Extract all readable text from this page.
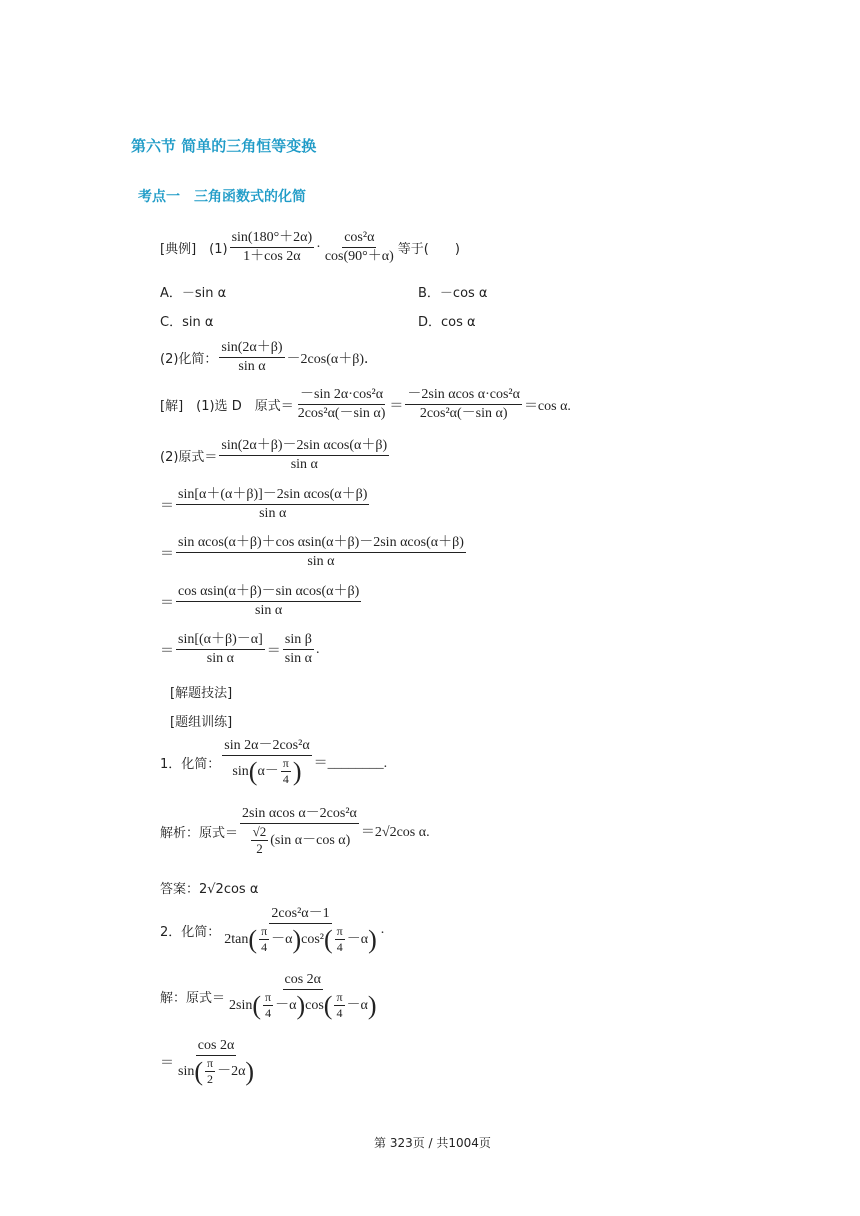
第六节 简单的三角恒等变换
考点一　三角函数式的化简
[典例]　$(1) \frac{\sin(180^\circ+2\alpha)}{1+\cos 2\alpha} \cdot \frac{\text{cos²α}}{\cos(90^\circ+\alpha)}$ 等于(　　)
A．－sin α	B．－cos α
C．sin α	D．cos α
(2)化简： $\frac{\sin(2\alpha+\beta)}{\text{sin α}} -2\cos(\alpha+\beta)$．
[解]　(1)选 D　原式＝ $\frac{\text{－sin 2α·cos²α}}{\text{2cos²α(－sin α)}} = \frac{\text{－2sin αcos α·cos²α}}{\text{2cos²α(－sin α)}} =\cos$ α.
(2)原式＝ $\frac{\text{sin(2α＋β)－2sin αcos(α＋β)}}{\text{sin α}}$
＝ $\frac{\text{sin[α＋(α＋β)]－2sin αcos(α＋β)}}{\text{sin α}}$
＝ $\frac{\text{sin αcos(α＋β)＋cos αsin(α＋β)－2sin αcos(α＋β)}}{\text{sin α}}$
＝ $\frac{\text{cos αsin(α＋β)－sin αcos(α＋β)}}{\text{sin α}}$
＝ $\frac{\sin[(\alpha+\beta)-\alpha]}{\text{sin α}} = \frac{\text{sin β}}{\text{sin α}}$ .
[解题技法]
[题组训练]
1．化简：
sin 2α－2cos²α
sin ( $\alpha- \frac{\pi}{4}$ ) ＝________.
解析：原式＝ $\frac{\text{2sin αcos α－2cos²α}}{\frac{√2}{2} (\sin \alpha-\cos \alpha)} =2√2\cos$ α.
答案：2√2cos α
2．化简：
2cos²α－1
2tan ( $\frac{\pi}{4} -\alpha$ ) cos² ( $\frac{\pi}{4} -\alpha$ ) .
解：原式＝
cos 2α
2sin ( $\frac{\pi}{4} -\alpha$ ) cos ( $\frac{\pi}{4} -\alpha$ )
＝
cos 2α
sin ( $\frac{\pi}{2} -2\alpha$ )
第 323页 / 共1004页
